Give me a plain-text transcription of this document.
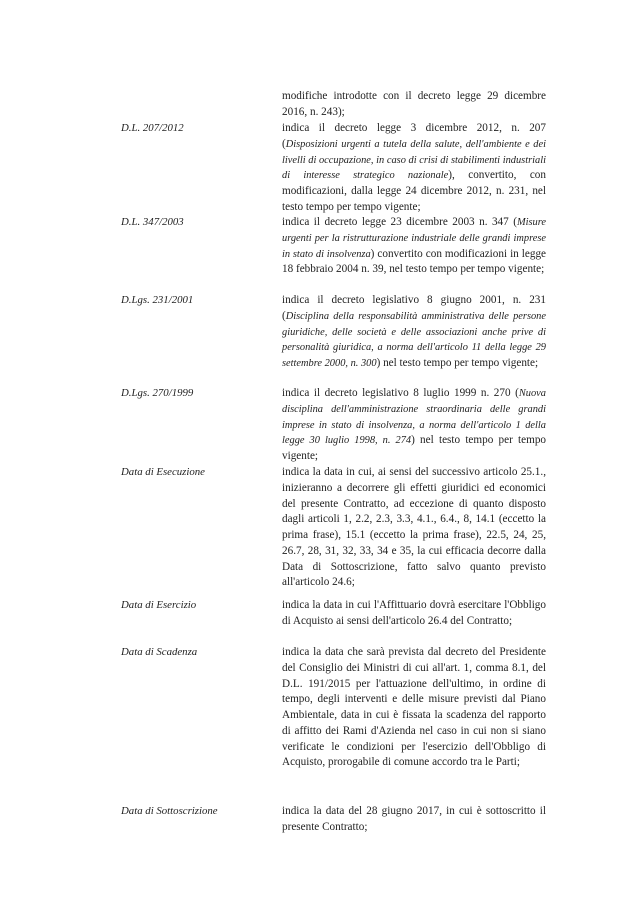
modifiche introdotte con il decreto legge 29 dicembre 2016, n. 243);
D.L. 207/2012	indica il decreto legge 3 dicembre 2012, n. 207 (Disposizioni urgenti a tutela della salute, dell'ambiente e dei livelli di occupazione, in caso di crisi di stabilimenti industriali di interesse strategico nazionale), convertito, con modificazioni, dalla legge 24 dicembre 2012, n. 231, nel testo tempo per tempo vigente;
D.L. 347/2003	indica il decreto legge 23 dicembre 2003 n. 347 (Misure urgenti per la ristrutturazione industriale delle grandi imprese in stato di insolvenza) convertito con modificazioni in legge 18 febbraio 2004 n. 39, nel testo tempo per tempo vigente;
D.Lgs. 231/2001	indica il decreto legislativo 8 giugno 2001, n. 231 (Disciplina della responsabilità amministrativa delle persone giuridiche, delle società e delle associazioni anche prive di personalità giuridica, a norma dell'articolo 11 della legge 29 settembre 2000, n. 300) nel testo tempo per tempo vigente;
D.Lgs. 270/1999	indica il decreto legislativo 8 luglio 1999 n. 270 (Nuova disciplina dell'amministrazione straordinaria delle grandi imprese in stato di insolvenza, a norma dell'articolo 1 della legge 30 luglio 1998, n. 274) nel testo tempo per tempo vigente;
Data di Esecuzione	indica la data in cui, ai sensi del successivo articolo 25.1., inizieranno a decorrere gli effetti giuridici ed economici del presente Contratto, ad eccezione di quanto disposto dagli articoli 1, 2.2, 2.3, 3.3, 4.1., 6.4., 8, 14.1 (eccetto la prima frase), 15.1 (eccetto la prima frase), 22.5, 24, 25, 26.7, 28, 31, 32, 33, 34 e 35, la cui efficacia decorre dalla Data di Sottoscrizione, fatto salvo quanto previsto all'articolo 24.6;
Data di Esercizio	indica la data in cui l'Affittuario dovrà esercitare l'Obbligo di Acquisto ai sensi dell'articolo 26.4 del Contratto;
Data di Scadenza	indica la data che sarà prevista dal decreto del Presidente del Consiglio dei Ministri di cui all'art. 1, comma 8.1, del D.L. 191/2015 per l'attuazione dell'ultimo, in ordine di tempo, degli interventi e delle misure previsti dal Piano Ambientale, data in cui è fissata la scadenza del rapporto di affitto dei Rami d'Azienda nel caso in cui non si siano verificate le condizioni per l'esercizio dell'Obbligo di Acquisto, prorogabile di comune accordo tra le Parti;
Data di Sottoscrizione	indica la data del 28 giugno 2017, in cui è sottoscritto il presente Contratto;
